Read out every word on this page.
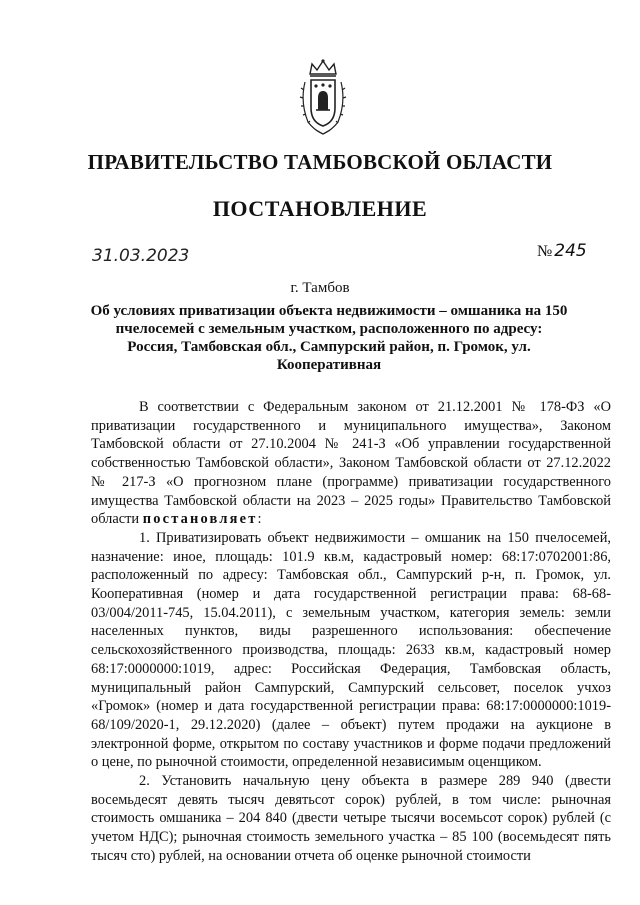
ПРАВИТЕЛЬСТВО ТАМБОВСКОЙ ОБЛАСТИ
ПОСТАНОВЛЕНИЕ
31.03.2023	№ 245
г. Тамбов
Об условиях приватизации объекта недвижимости – омшаника на 150 пчелосемей с земельным участком, расположенного по адресу: Россия, Тамбовская обл., Сампурский район, п. Громок, ул. Кооперативная

В соответствии с Федеральным законом от 21.12.2001 № 178-ФЗ «О приватизации государственного и муниципального имущества», Законом Тамбовской области от 27.10.2004 № 241-З «Об управлении государственной собственностью Тамбовской области», Законом Тамбовской области от 27.12.2022 № 217-З «О прогнозном плане (программе) приватизации государственного имущества Тамбовской области на 2023 – 2025 годы» Правительство Тамбовской области постановляет:

1. Приватизировать объект недвижимости – омшаник на 150 пчелосемей, назначение: иное, площадь: 101.9 кв.м, кадастровый номер: 68:17:0702001:86, расположенный по адресу: Тамбовская обл., Сампурский р-н, п. Громок, ул. Кооперативная (номер и дата государственной регистрации права: 68-68-03/004/2011-745, 15.04.2011), с земельным участком, категория земель: земли населенных пунктов, виды разрешенного использования: обеспечение сельскохозяйственного производства, площадь: 2633 кв.м, кадастровый номер 68:17:0000000:1019, адрес: Российская Федерация, Тамбовская область, муниципальный район Сампурский, Сампурский сельсовет, поселок учхоз «Громок» (номер и дата государственной регистрации права: 68:17:0000000:1019-68/109/2020-1, 29.12.2020) (далее – объект) путем продажи на аукционе в электронной форме, открытом по составу участников и форме подачи предложений о цене, по рыночной стоимости, определенной независимым оценщиком.

2. Установить начальную цену объекта в размере 289 940 (двести восемьдесят девять тысяч девятьсот сорок) рублей, в том числе: рыночная стоимость омшаника – 204 840 (двести четыре тысячи восемьсот сорок) рублей (с учетом НДС); рыночная стоимость земельного участка – 85 100 (восемьдесят пять тысяч сто) рублей, на основании отчета об оценке рыночной стоимости
